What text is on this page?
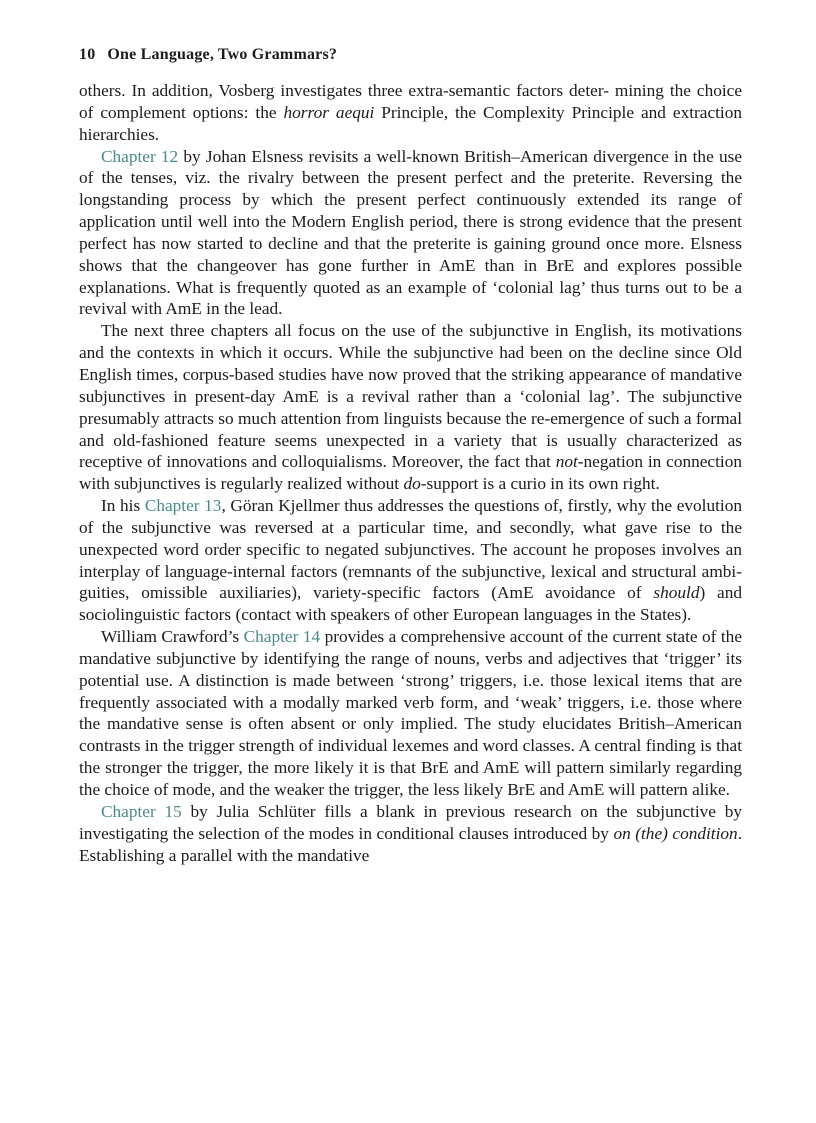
10 One Language, Two Grammars?

others. In addition, Vosberg investigates three extra-semantic factors deter- mining the choice of complement options: the horror aequi Principle, the Complexity Principle and extraction hierarchies.

Chapter 12 by Johan Elsness revisits a well-known British–American divergence in the use of the tenses, viz. the rivalry between the present perfect and the preterite. Reversing the longstanding process by which the present perfect continuously extended its range of application until well into the Modern English period, there is strong evidence that the present perfect has now started to decline and that the preterite is gaining ground once more. Elsness shows that the changeover has gone further in AmE than in BrE and explores possible explanations. What is frequently quoted as an example of ‘colonial lag’ thus turns out to be a revival with AmE in the lead.

The next three chapters all focus on the use of the subjunctive in English, its motivations and the contexts in which it occurs. While the subjunctive had been on the decline since Old English times, corpus-based studies have now proved that the striking appearance of mandative subjunctives in present-day AmE is a revival rather than a ‘colonial lag’. The subjunctive presumably attracts so much attention from linguists because the re-emergence of such a formal and old-fashioned feature seems unexpected in a variety that is usually characterized as receptive of innovations and colloquialisms. Moreover, the fact that not-negation in connection with subjunctives is regularly realized without do-support is a curio in its own right.

In his Chapter 13, Göran Kjellmer thus addresses the questions of, firstly, why the evolution of the subjunctive was reversed at a particular time, and secondly, what gave rise to the unexpected word order specific to negated subjunctives. The account he proposes involves an interplay of language-internal factors (remnants of the subjunctive, lexical and structural ambi- guities, omissible auxiliaries), variety-specific factors (AmE avoidance of should) and sociolinguistic factors (contact with speakers of other European languages in the States).

William Crawford’s Chapter 14 provides a comprehensive account of the current state of the mandative subjunctive by identifying the range of nouns, verbs and adjectives that ‘trigger’ its potential use. A distinction is made between ‘strong’ triggers, i.e. those lexical items that are frequently associated with a modally marked verb form, and ‘weak’ triggers, i.e. those where the mandative sense is often absent or only implied. The study elucidates British–American contrasts in the trigger strength of individual lexemes and word classes. A central finding is that the stronger the trigger, the more likely it is that BrE and AmE will pattern similarly regarding the choice of mode, and the weaker the trigger, the less likely BrE and AmE will pattern alike.

Chapter 15 by Julia Schlüter fills a blank in previous research on the subjunctive by investigating the selection of the modes in conditional clauses introduced by on (the) condition. Establishing a parallel with the mandative
